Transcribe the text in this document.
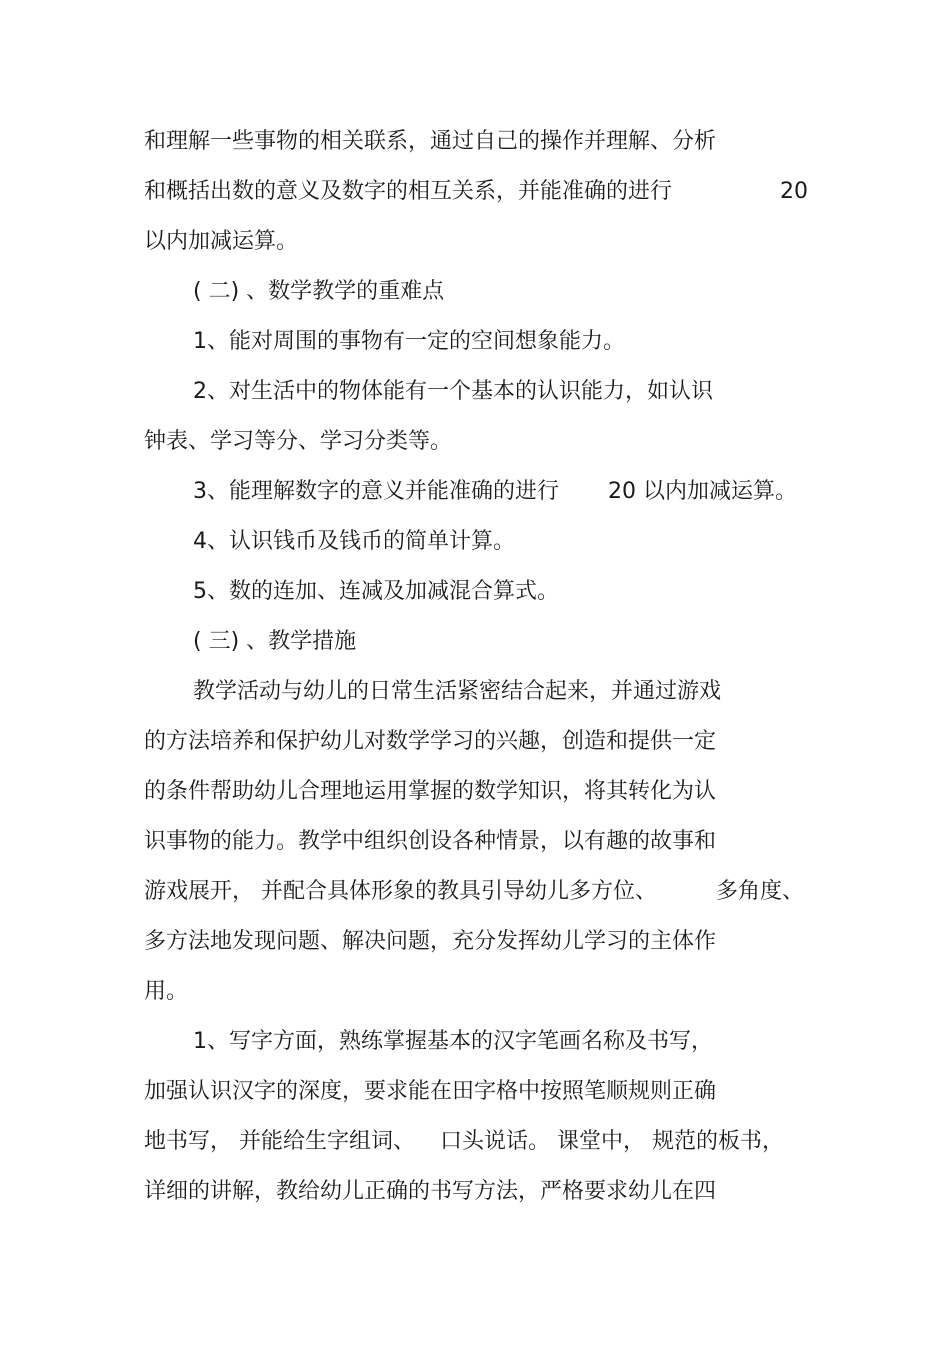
和理解一些事物的相关联系，通过自己的操作并理解、分析
和概括出数的意义及数字的相互关系，并能准确的进行	20
以内加减运算。
( 二) 、数学教学的重难点
1、能对周围的事物有一定的空间想象能力。
2、对生活中的物体能有一个基本的认识能力，如认识
钟表、学习等分、学习分类等。
3、能理解数字的意义并能准确的进行 20 以内加减运算。
4、认识钱币及钱币的简单计算。
5、数的连加、连减及加减混合算式。
( 三) 、教学措施
教学活动与幼儿的日常生活紧密结合起来，并通过游戏
的方法培养和保护幼儿对数学学习的兴趣，创造和提供一定
的条件帮助幼儿合理地运用掌握的数学知识，将其转化为认
识事物的能力。教学中组织创设各种情景，以有趣的故事和
游戏展开， 并配合具体形象的教具引导幼儿多方位、	多角度、
多方法地发现问题、解决问题，充分发挥幼儿学习的主体作
用。
1、写字方面，熟练掌握基本的汉字笔画名称及书写，
加强认识汉字的深度，要求能在田字格中按照笔顺规则正确
地书写， 并能给生字组词、 口头说话。 课堂中， 规范的板书，
详细的讲解，教给幼儿正确的书写方法，严格要求幼儿在四
